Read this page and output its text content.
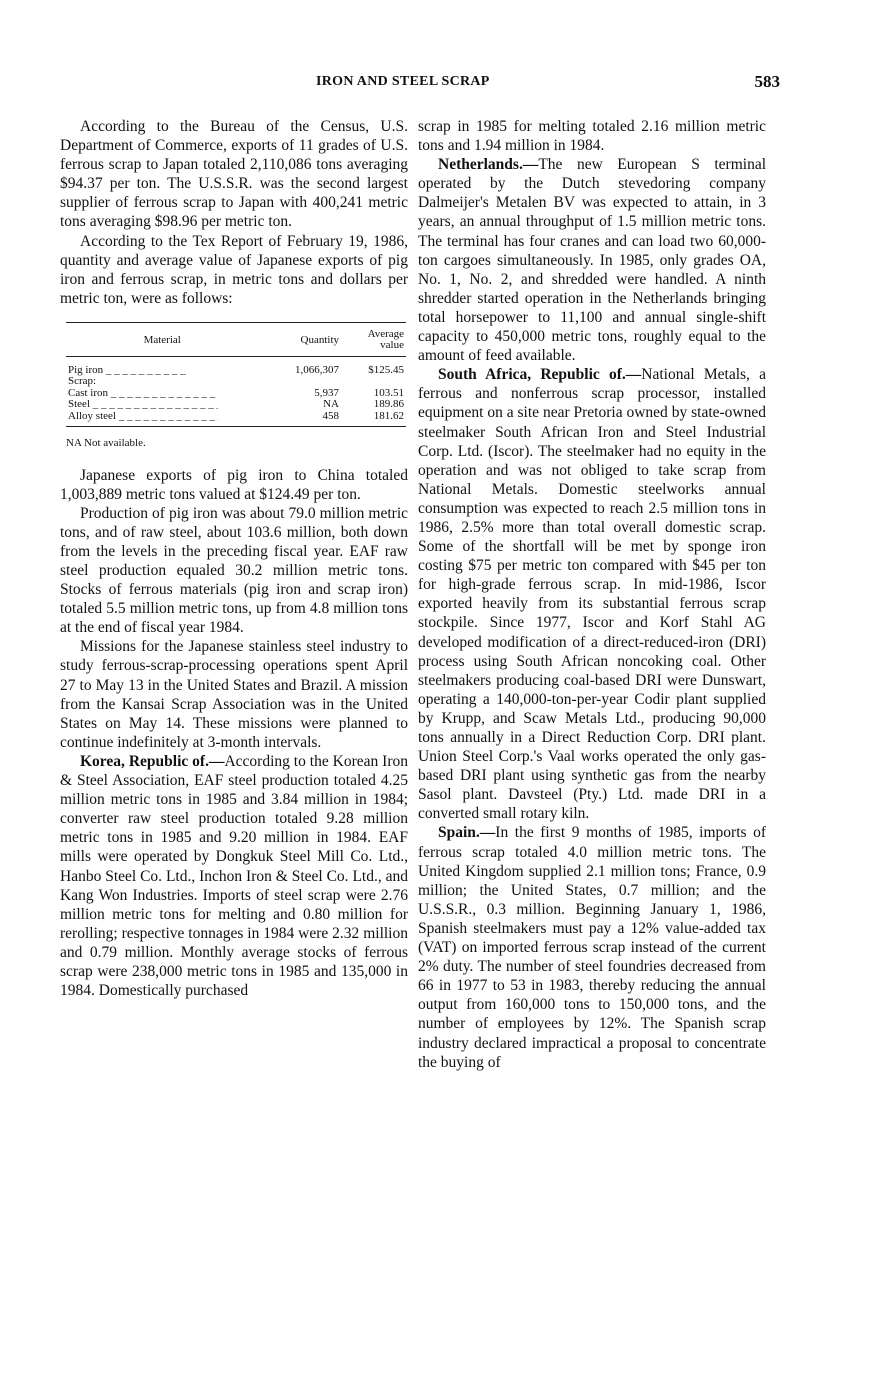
IRON AND STEEL SCRAP	583

According to the Bureau of the Census, U.S. Department of Commerce, exports of 11 grades of U.S. ferrous scrap to Japan totaled 2,110,086 tons averaging $94.37 per ton. The U.S.S.R. was the second largest supplier of ferrous scrap to Japan with 400,241 metric tons averaging $98.96 per metric ton.

According to the Tex Report of February 19, 1986, quantity and average value of Japanese exports of pig iron and ferrous scrap, in metric tons and dollars per metric ton, were as follows:

Material	Quantity	Average value
Pig iron _ _ _	1,066,307	$125.45
Scrap:		
Cast iron _ _ _	5,937	103.51
Steel _ _ _	NA	189.86
Alloy steel _ _ _	458	181.62

NA Not available.

Japanese exports of pig iron to China totaled 1,003,889 metric tons valued at $124.49 per ton.

Production of pig iron was about 79.0 million metric tons, and of raw steel, about 103.6 million, both down from the levels in the preceding fiscal year. EAF raw steel production equaled 30.2 million metric tons. Stocks of ferrous materials (pig iron and scrap iron) totaled 5.5 million metric tons, up from 4.8 million tons at the end of fiscal year 1984.

Missions for the Japanese stainless steel industry to study ferrous-scrap-processing operations spent April 27 to May 13 in the United States and Brazil. A mission from the Kansai Scrap Association was in the United States on May 14. These missions were planned to continue indefinitely at 3-month intervals.

Korea, Republic of.—According to the Korean Iron & Steel Association, EAF steel production totaled 4.25 million metric tons in 1985 and 3.84 million in 1984; converter raw steel production totaled 9.28 million metric tons in 1985 and 9.20 million in 1984. EAF mills were operated by Dongkuk Steel Mill Co. Ltd., Hanbo Steel Co. Ltd., Inchon Iron & Steel Co. Ltd., and Kang Won Industries. Imports of steel scrap were 2.76 million metric tons for melting and 0.80 million for rerolling; respective tonnages in 1984 were 2.32 million and 0.79 million. Monthly average stocks of ferrous scrap were 238,000 metric tons in 1985 and 135,000 in 1984. Domestically purchased

scrap in 1985 for melting totaled 2.16 million metric tons and 1.94 million in 1984.

Netherlands.—The new European S terminal operated by the Dutch stevedoring company Dalmeijer's Metalen BV was expected to attain, in 3 years, an annual throughput of 1.5 million metric tons. The terminal has four cranes and can load two 60,000-ton cargoes simultaneously. In 1985, only grades OA, No. 1, No. 2, and shredded were handled. A ninth shredder started operation in the Netherlands bringing total horsepower to 11,100 and annual single-shift capacity to 450,000 metric tons, roughly equal to the amount of feed available.

South Africa, Republic of.—National Metals, a ferrous and nonferrous scrap processor, installed equipment on a site near Pretoria owned by state-owned steelmaker South African Iron and Steel Industrial Corp. Ltd. (Iscor). The steelmaker had no equity in the operation and was not obliged to take scrap from National Metals. Domestic steelworks annual consumption was expected to reach 2.5 million tons in 1986, 2.5% more than total overall domestic scrap. Some of the shortfall will be met by sponge iron costing $75 per metric ton compared with $45 per ton for high-grade ferrous scrap. In mid-1986, Iscor exported heavily from its substantial ferrous scrap stockpile. Since 1977, Iscor and Korf Stahl AG developed modification of a direct-reduced-iron (DRI) process using South African noncoking coal. Other steelmakers producing coal-based DRI were Dunswart, operating a 140,000-ton-per-year Codir plant supplied by Krupp, and Scaw Metals Ltd., producing 90,000 tons annually in a Direct Reduction Corp. DRI plant. Union Steel Corp.'s Vaal works operated the only gas-based DRI plant using synthetic gas from the nearby Sasol plant. Davsteel (Pty.) Ltd. made DRI in a converted small rotary kiln.

Spain.—In the first 9 months of 1985, imports of ferrous scrap totaled 4.0 million metric tons. The United Kingdom supplied 2.1 million tons; France, 0.9 million; the United States, 0.7 million; and the U.S.S.R., 0.3 million. Beginning January 1, 1986, Spanish steelmakers must pay a 12% value-added tax (VAT) on imported ferrous scrap instead of the current 2% duty. The number of steel foundries decreased from 66 in 1977 to 53 in 1983, thereby reducing the annual output from 160,000 tons to 150,000 tons, and the number of employees by 12%. The Spanish scrap industry declared impractical a proposal to concentrate the buying of
